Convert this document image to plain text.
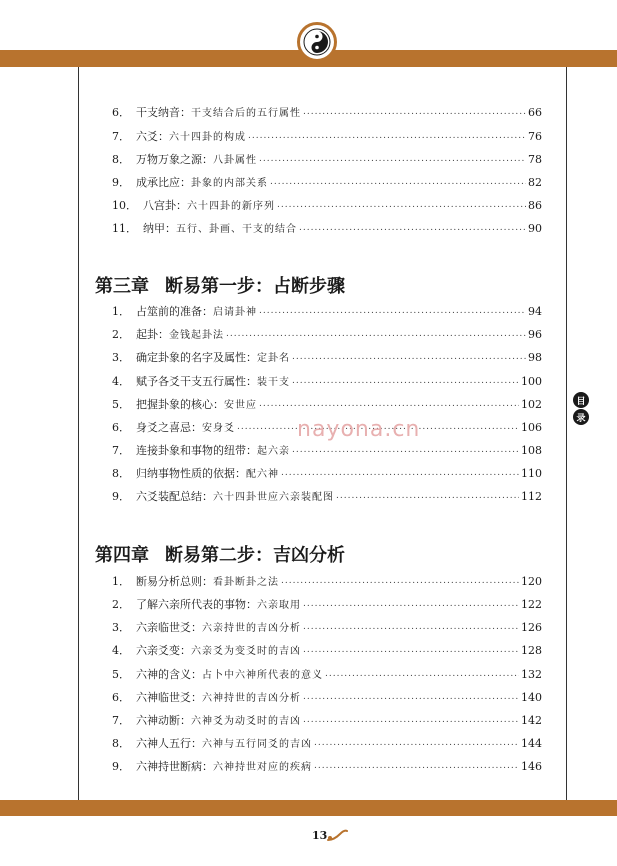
6． 干支纳音： 干支结合后的五行属性 .....	66
7． 六爻： 六十四卦的构成 .....	76
8． 万物万象之源： 八卦属性 .....	78
9． 成承比应： 卦象的内部关系 .....	82
10． 八宫卦： 六十四卦的新序列 .....	86
11． 纳甲： 五行、卦画、干支的结合 .....	90
第三章 断易第一步：占断步骤
1． 占筮前的准备： 启请卦神 .....	94
2． 起卦： 金钱起卦法 .....	96
3． 确定卦象的名字及属性： 定卦名 .....	98
4． 赋予各爻干支五行属性： 装干支 .....	100
5． 把握卦象的核心： 安世应 .....	102
6． 身爻之喜忌： 安身爻 .....	106
7． 连接卦象和事物的纽带： 起六亲 .....	108
8． 归纳事物性质的依据： 配六神 .....	110
9． 六爻装配总结： 六十四卦世应六亲装配图 .....	112
第四章 断易第二步：吉凶分析
1． 断易分析总则： 看卦断卦之法 .....	120
2． 了解六亲所代表的事物： 六亲取用 .....	122
3． 六亲临世爻： 六亲持世的吉凶分析 .....	126
4． 六亲爻变： 六亲爻为变爻时的吉凶 .....	128
5． 六神的含义： 占卜中六神所代表的意义 .....	132
6． 六神临世爻： 六神持世的吉凶分析 .....	140
7． 六神动断： 六神爻为动爻时的吉凶 .....	142
8． 六神人五行： 六神与五行同爻的吉凶 .....	144
9． 六神持世断病： 六神持世对应的疾病 .....	146
目
录
nayona.cn
13
